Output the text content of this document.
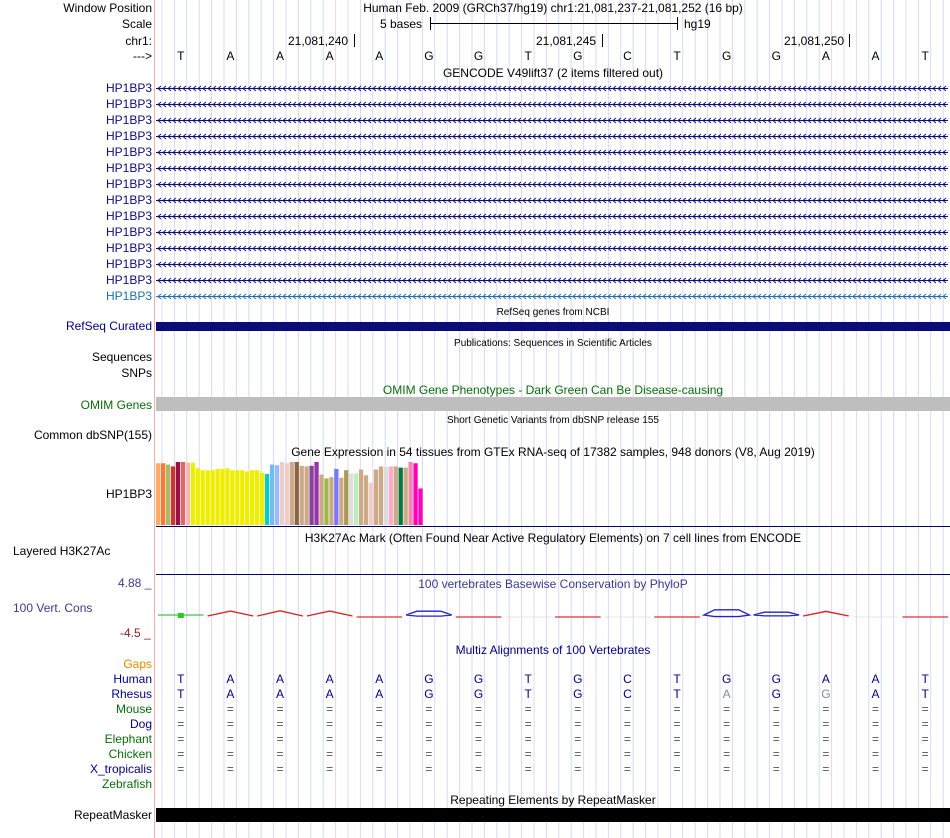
Window Position	Human Feb. 2009 (GRCh37/hg19) chr1:21,081,237-21,081,252 (16 bp)
Scale	5 bases	hg19
chr1:	21,081,240	21,081,245	21,081,250
--->	T	A	A	A	A	G	G	T	G	C	T	G	G	A	A	T
GENCODE V49lift37 (2 items filtered out)
HP1BP3
HP1BP3
HP1BP3
HP1BP3
HP1BP3
HP1BP3
HP1BP3
HP1BP3
HP1BP3
HP1BP3
HP1BP3
HP1BP3
HP1BP3
HP1BP3
RefSeq genes from NCBI
RefSeq Curated
Publications: Sequences in Scientific Articles
Sequences
SNPs
OMIM Gene Phenotypes - Dark Green Can Be Disease-causing
OMIM Genes
Short Genetic Variants from dbSNP release 155
Common dbSNP(155)
Gene Expression in 54 tissues from GTEx RNA-seq of 17382 samples, 948 donors (V8, Aug 2019)
HP1BP3
H3K27Ac Mark (Often Found Near Active Regulatory Elements) on 7 cell lines from ENCODE
Layered H3K27Ac
4.88 _	100 vertebrates Basewise Conservation by PhyloP
100 Vert. Cons
-4.5 _
Multiz Alignments of 100 Vertebrates
Gaps
Human	T	A	A	A	A	G	G	T	G	C	T	G	G	A	A	T
Rhesus	T	A	A	A	A	G	G	T	G	C	T	A	G	G	A	T
Mouse	=	=	=	=	=	=	=	=	=	=	=	=	=	=	=	=
Dog	=	=	=	=	=	=	=	=	=	=	=	=	=	=	=	=
Elephant	=	=	=	=	=	=	=	=	=	=	=	=	=	=	=	=
Chicken	=	=	=	=	=	=	=	=	=	=	=	=	=	=	=	=
X_tropicalis	=	=	=	=	=	=	=	=	=	=	=	=	=	=	=	=
Zebrafish
Repeating Elements by RepeatMasker
RepeatMasker
